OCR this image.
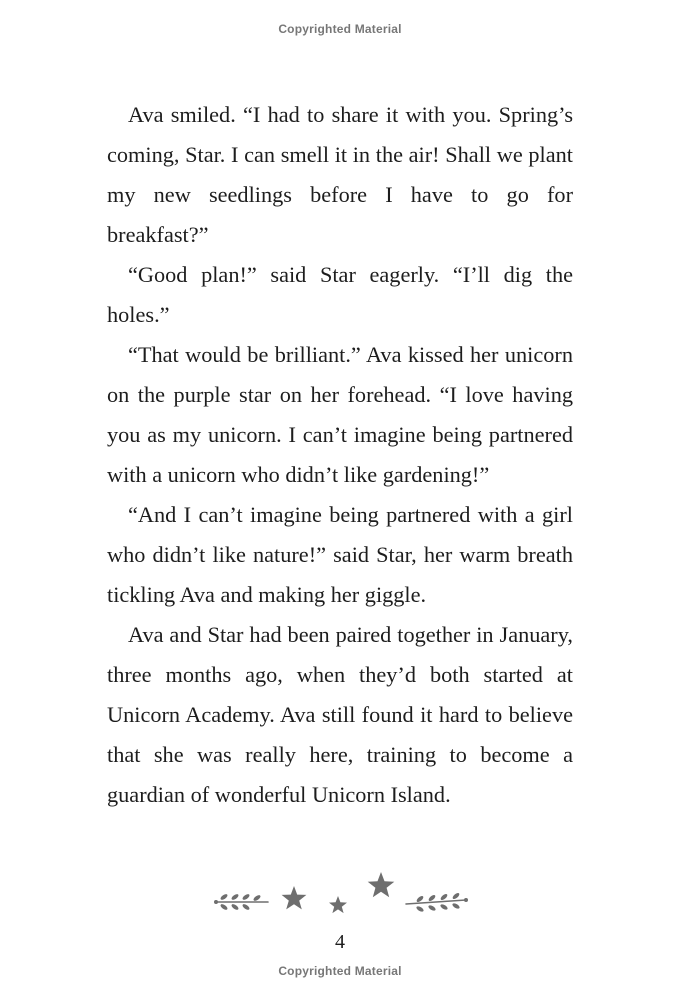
Copyrighted Material

Ava smiled. “I had to share it with you. Spring’s coming, Star. I can smell it in the air! Shall we plant my new seedlings before I have to go for breakfast?”

“Good plan!” said Star eagerly. “I’ll dig the holes.”

“That would be brilliant.” Ava kissed her unicorn on the purple star on her forehead. “I love having you as my unicorn. I can’t imagine being partnered with a unicorn who didn’t like gardening!”

“And I can’t imagine being partnered with a girl who didn’t like nature!” said Star, her warm breath tickling Ava and making her giggle.

Ava and Star had been paired together in January, three months ago, when they’d both started at Unicorn Academy. Ava still found it hard to believe that she was really here, training to become a guardian of wonderful Unicorn Island.

4
Copyrighted Material
